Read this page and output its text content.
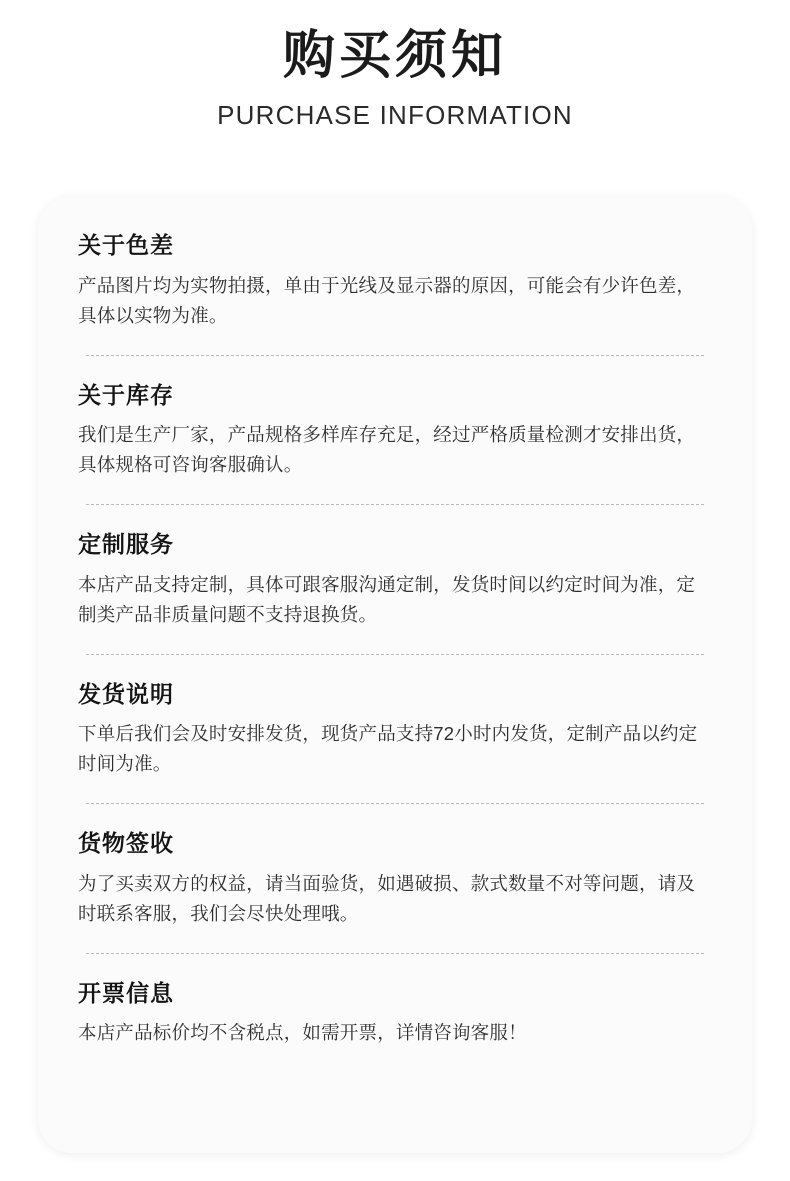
购买须知
PURCHASE INFORMATION
关于色差
产品图片均为实物拍摄，单由于光线及显示器的原因，可能会有少许色差，具体以实物为准。
关于库存
我们是生产厂家，产品规格多样库存充足，经过严格质量检测才安排出货，具体规格可咨询客服确认。
定制服务
本店产品支持定制，具体可跟客服沟通定制，发货时间以约定时间为准，定制类产品非质量问题不支持退换货。
发货说明
下单后我们会及时安排发货，现货产品支持72小时内发货，定制产品以约定时间为准。
货物签收
为了买卖双方的权益，请当面验货，如遇破损、款式数量不对等问题，请及时联系客服，我们会尽快处理哦。
开票信息
本店产品标价均不含税点，如需开票，详情咨询客服！
